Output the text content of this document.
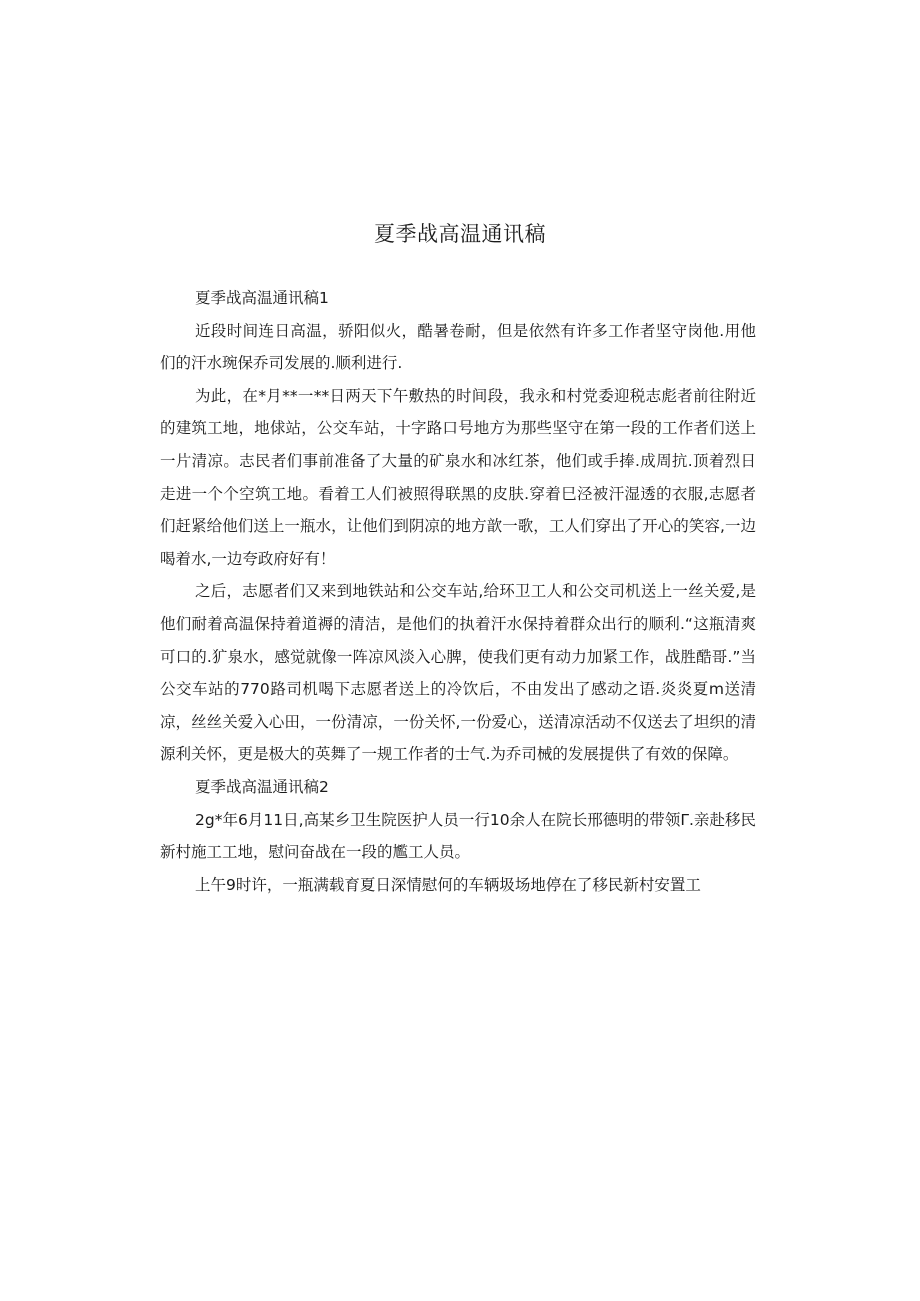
夏季战高温通讯稿
夏季战高温通讯稿1

近段时间连日高温，骄阳似火，酷暑卷耐，但是依然有许多工作者坚守岗他.用他们的汗水琬保乔司发展的.顺利进行.

为此，在*月**一**日两天下午敷热的时间段，我永和村党委迎税志彪者前往附近的建筑工地，地俅站，公交车站，十字路口号地方为那些坚守在第一段的工作者们送上一片清凉。志民者们事前准备了大量的矿泉水和冰红茶，他们或手捧.成周抗.顶着烈日走进一个个空筑工地。看着工人们被照得联黑的皮肤.穿着巳泾被汗湿透的衣服,志愿者们赶紧给他们送上一瓶水，让他们到阴凉的地方歆一歌，工人们穿出了开心的笑容,一边喝着水,一边夸政府好有！

之后，志愿者们又来到地铁站和公交车站,给环卫工人和公交司机送上一丝关爱,是他们耐着高温保持着道褥的清洁，是他们的执着汗水保持着群众出行的顺利.“这瓶清爽可口的.犷泉水，感觉就像一阵凉风淡入心脾，使我们更有动力加紧工作，战胜酷哥.”当公交车站的770路司机喝下志愿者送上的冷饮后，不由发出了感动之语.炎炎夏m送清凉，丝丝关爱入心田，一份清凉，一份关怀,一份爱心，送清凉活动不仅送去了坦织的清源利关怀，更是极大的英舞了一规工作者的士气.为乔司械的发展提供了有效的保障。

夏季战高温通讯稿2

2g*年6月11日,高某乡卫生院医护人员一行10余人在院长邢德明的带领Γ.亲赴移民新村施工工地，慰问奋战在一段的尷工人员。

上午9时许，一瓶满载育夏日深情慰何的车辆圾场地停在了移民新村安置工
